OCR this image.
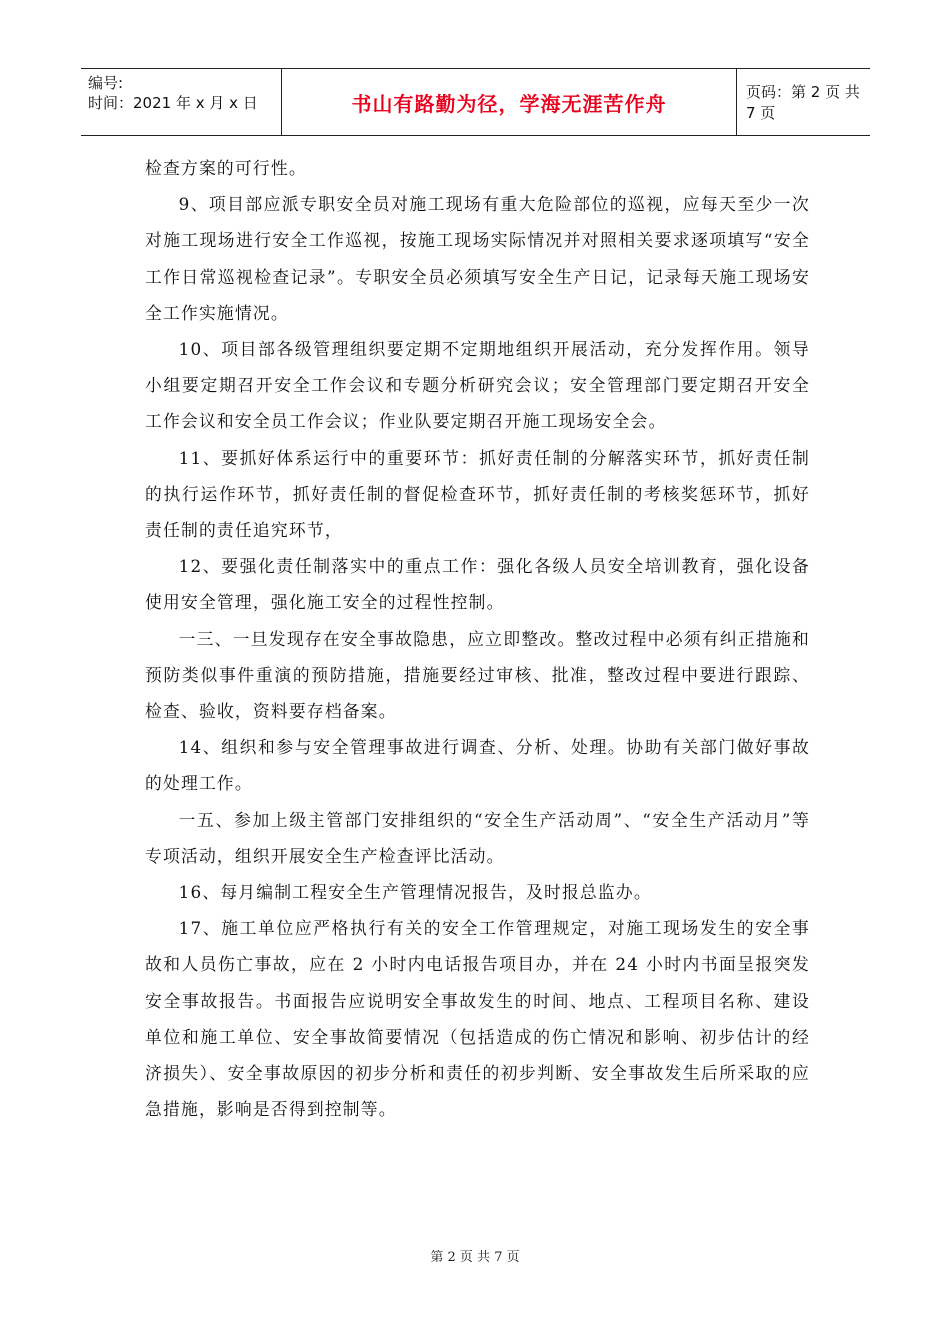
编号:
时间：2021 年 x 月 x 日	书山有路勤为径，学海无涯苦作舟	页码：第 2 页 共 7 页

检查方案的可行性。

9、项目部应派专职安全员对施工现场有重大危险部位的巡视，应每天至少一次对施工现场进行安全工作巡视，按施工现场实际情况并对照相关要求逐项填写“安全工作日常巡视检查记录”。专职安全员必须填写安全生产日记，记录每天施工现场安全工作实施情况。

10、项目部各级管理组织要定期不定期地组织开展活动，充分发挥作用。领导小组要定期召开安全工作会议和专题分析研究会议；安全管理部门要定期召开安全工作会议和安全员工作会议；作业队要定期召开施工现场安全会。

11、要抓好体系运行中的重要环节：抓好责任制的分解落实环节，抓好责任制的执行运作环节，抓好责任制的督促检查环节，抓好责任制的考核奖惩环节，抓好责任制的责任追究环节，

12、要强化责任制落实中的重点工作：强化各级人员安全培训教育，强化设备使用安全管理，强化施工安全的过程性控制。

一三、一旦发现存在安全事故隐患，应立即整改。整改过程中必须有纠正措施和预防类似事件重演的预防措施，措施要经过审核、批准，整改过程中要进行跟踪、检查、验收，资料要存档备案。

14、组织和参与安全管理事故进行调查、分析、处理。协助有关部门做好事故的处理工作。

一五、参加上级主管部门安排组织的“安全生产活动周”、“安全生产活动月”等专项活动，组织开展安全生产检查评比活动。

16、每月编制工程安全生产管理情况报告，及时报总监办。

17、施工单位应严格执行有关的安全工作管理规定，对施工现场发生的安全事故和人员伤亡事故，应在 2 小时内电话报告项目办，并在 24 小时内书面呈报突发安全事故报告。书面报告应说明安全事故发生的时间、地点、工程项目名称、建设单位和施工单位、安全事故简要情况（包括造成的伤亡情况和影响、初步估计的经济损失）、安全事故原因的初步分析和责任的初步判断、安全事故发生后所采取的应急措施，影响是否得到控制等。

第 2 页 共 7 页
